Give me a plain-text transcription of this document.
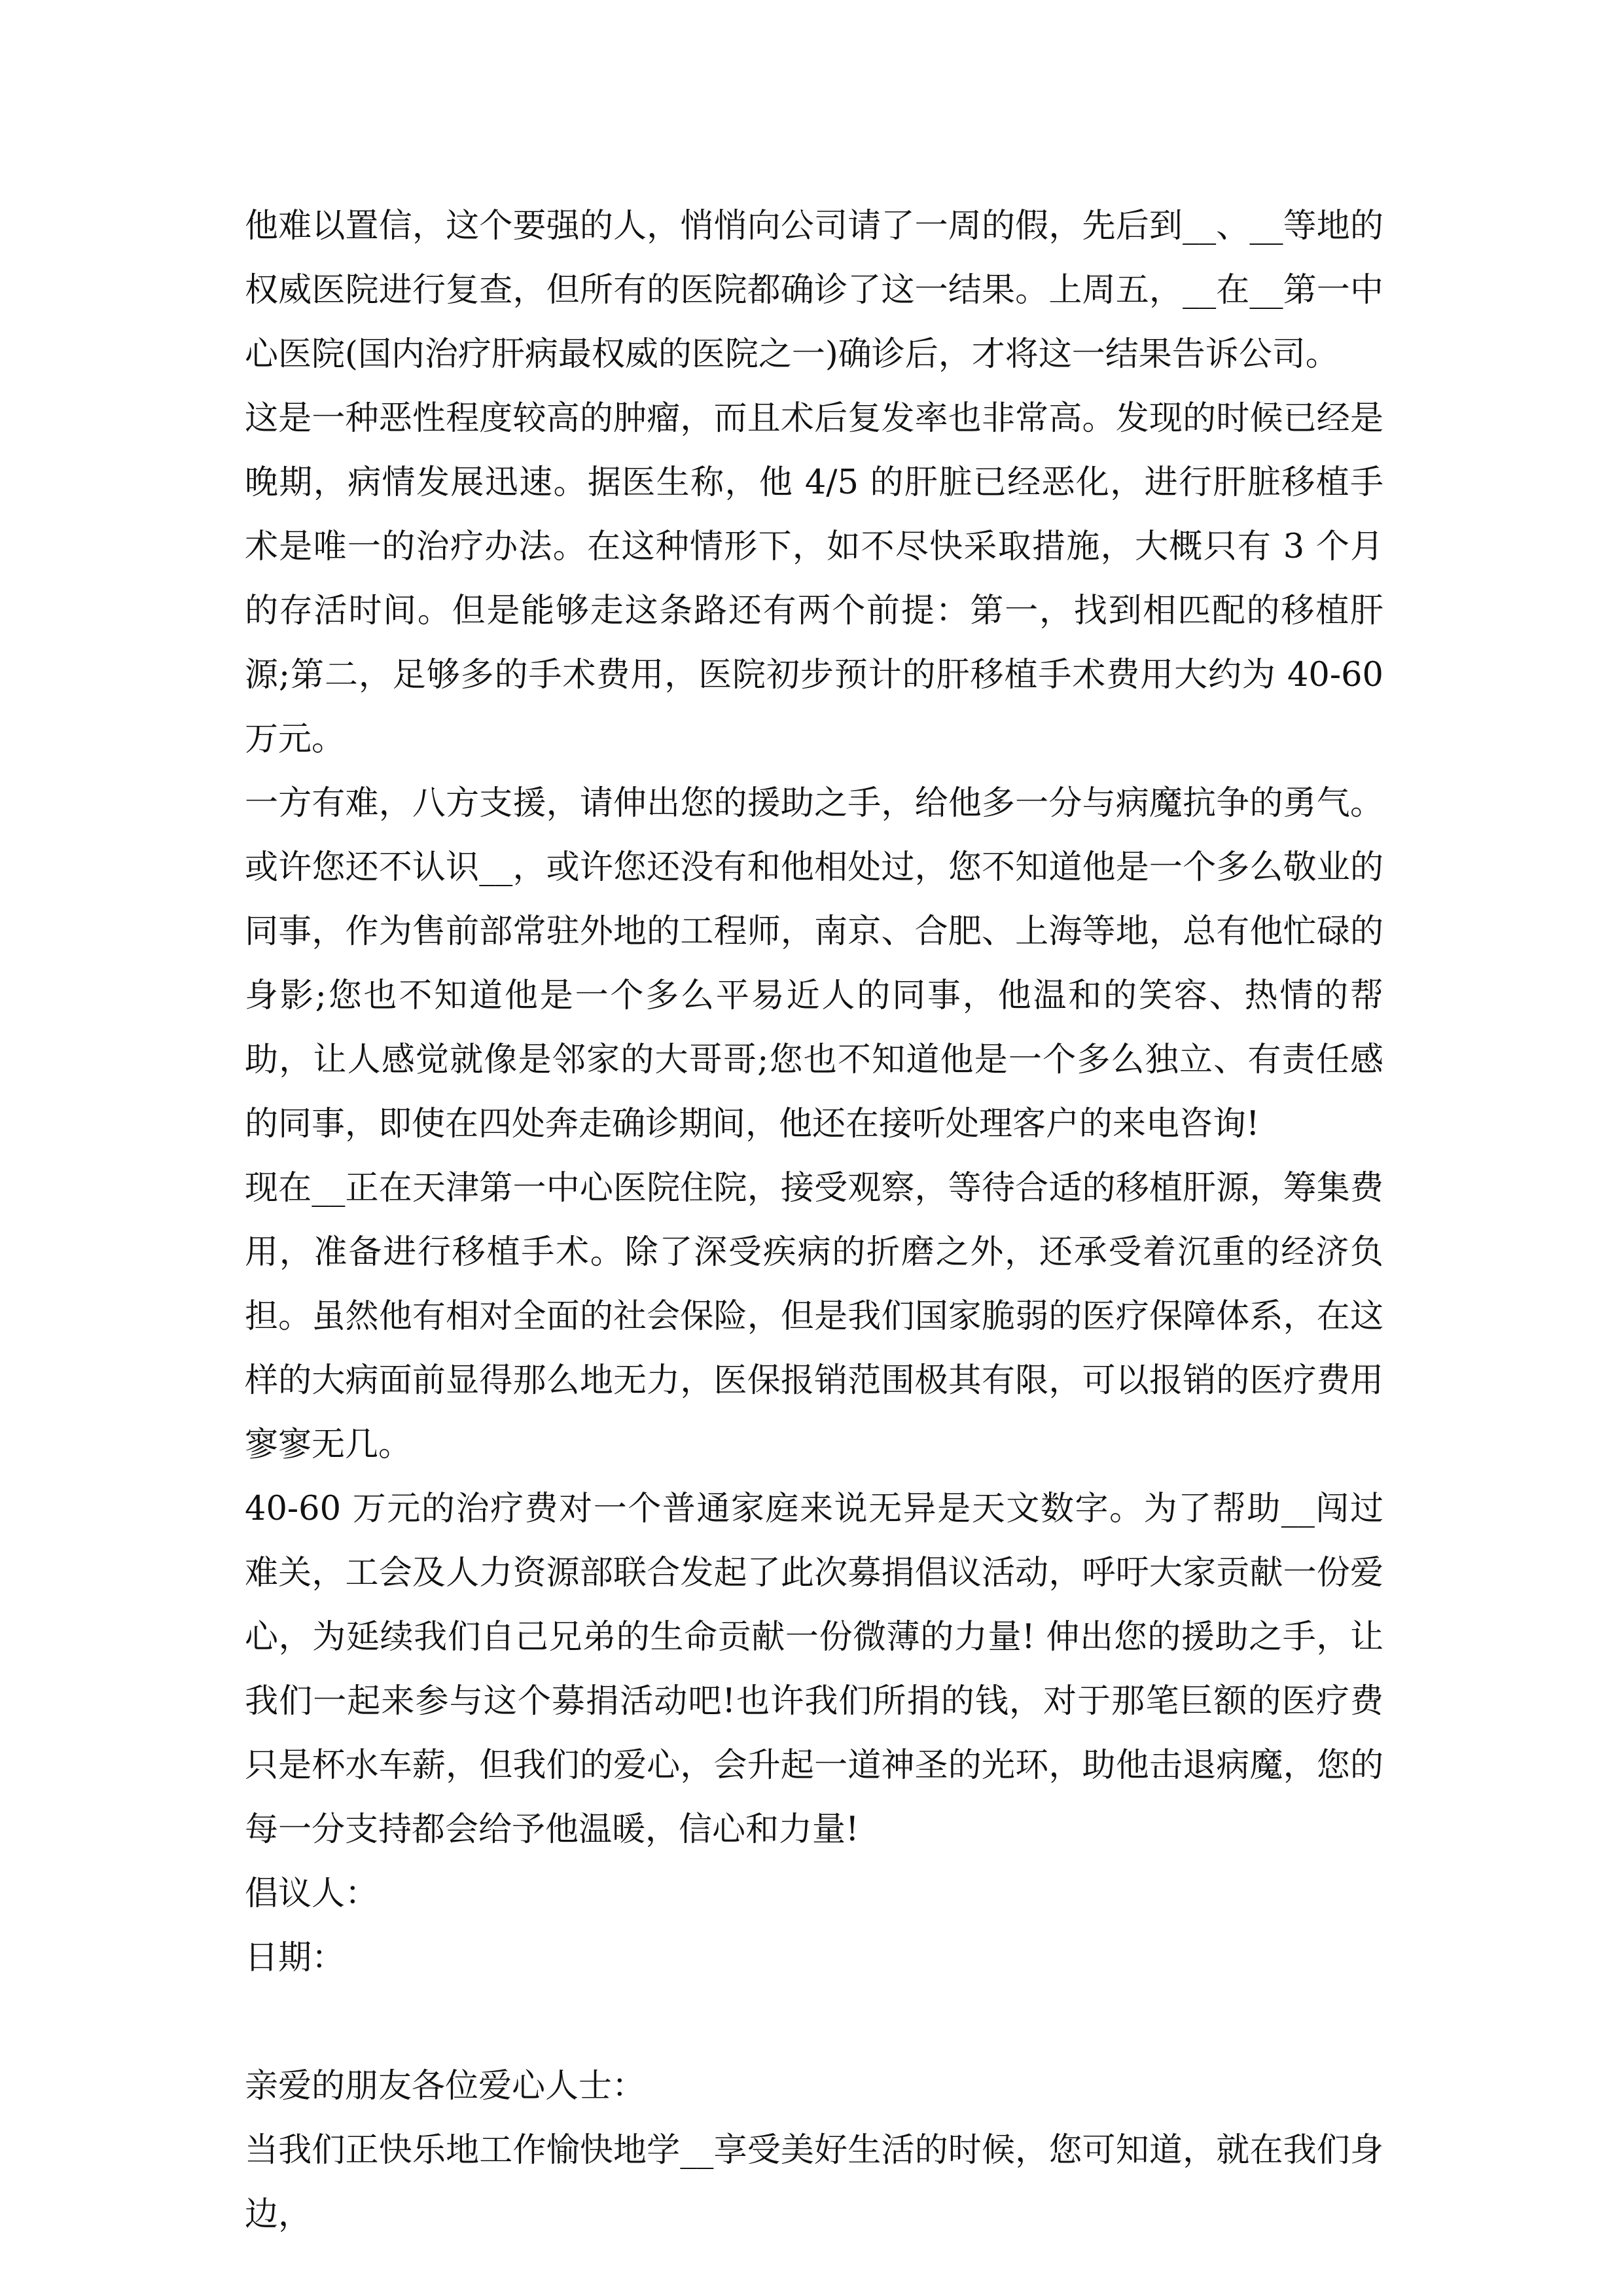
他难以置信，这个要强的人，悄悄向公司请了一周的假，先后到__、__等地的权威医院进行复查，但所有的医院都确诊了这一结果。上周五，__在__第一中心医院(国内治疗肝病最权威的医院之一)确诊后，才将这一结果告诉公司。

这是一种恶性程度较高的肿瘤，而且术后复发率也非常高。发现的时候已经是晚期，病情发展迅速。据医生称，他 4/5 的肝脏已经恶化，进行肝脏移植手术是唯一的治疗办法。在这种情形下，如不尽快采取措施，大概只有 3 个月的存活时间。但是能够走这条路还有两个前提：第一，找到相匹配的移植肝源;第二，足够多的手术费用，医院初步预计的肝移植手术费用大约为 40-60 万元。

一方有难，八方支援，请伸出您的援助之手，给他多一分与病魔抗争的勇气。或许您还不认识__，或许您还没有和他相处过，您不知道他是一个多么敬业的同事，作为售前部常驻外地的工程师，南京、合肥、上海等地，总有他忙碌的身影;您也不知道他是一个多么平易近人的同事，他温和的笑容、热情的帮助，让人感觉就像是邻家的大哥哥;您也不知道他是一个多么独立、有责任感的同事，即使在四处奔走确诊期间，他还在接听处理客户的来电咨询!

现在__正在天津第一中心医院住院，接受观察，等待合适的移植肝源，筹集费用，准备进行移植手术。除了深受疾病的折磨之外，还承受着沉重的经济负担。虽然他有相对全面的社会保险，但是我们国家脆弱的医疗保障体系，在这样的大病面前显得那么地无力，医保报销范围极其有限，可以报销的医疗费用寥寥无几。

40-60 万元的治疗费对一个普通家庭来说无异是天文数字。为了帮助__闯过难关，工会及人力资源部联合发起了此次募捐倡议活动，呼吁大家贡献一份爱心，为延续我们自己兄弟的生命贡献一份微薄的力量! 伸出您的援助之手，让我们一起来参与这个募捐活动吧!也许我们所捐的钱，对于那笔巨额的医疗费只是杯水车薪，但我们的爱心，会升起一道神圣的光环，助他击退病魔，您的每一分支持都会给予他温暖，信心和力量!

倡议人：

日期：

亲爱的朋友各位爱心人士：

当我们正快乐地工作愉快地学__享受美好生活的时候，您可知道，就在我们身边，
